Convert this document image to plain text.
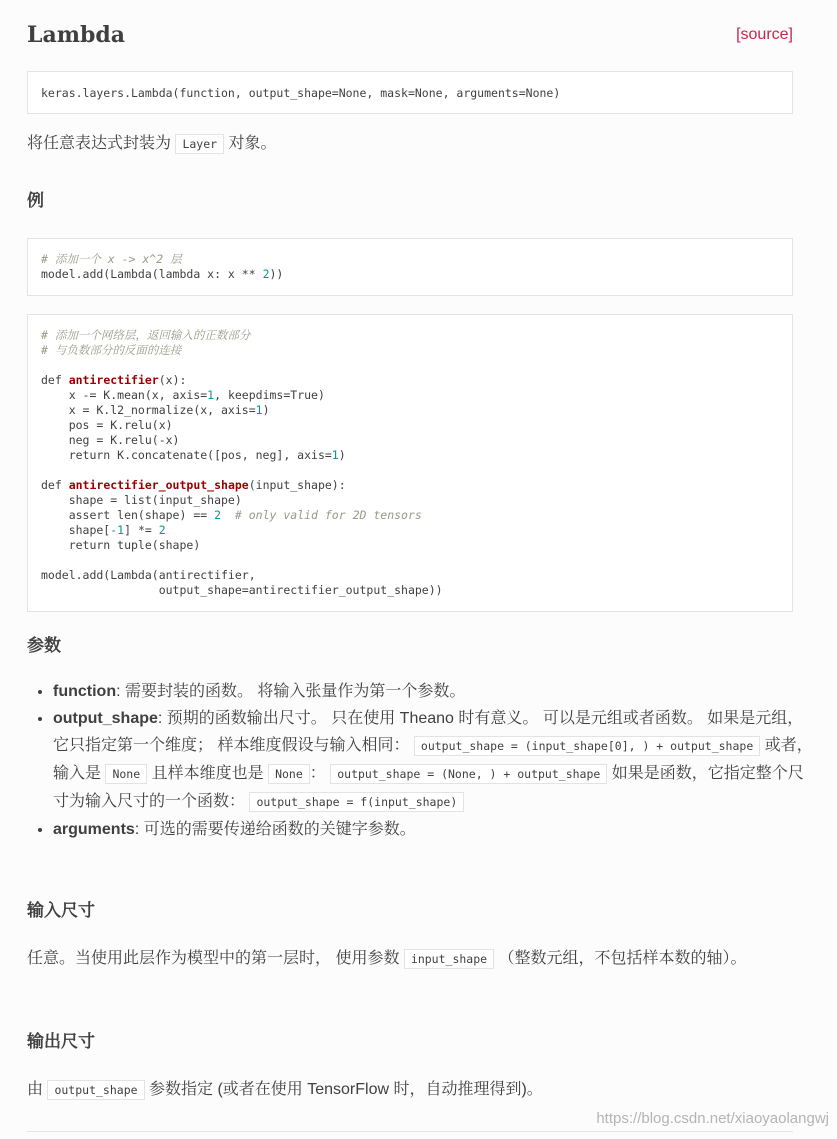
Lambda	[source]
keras.layers.Lambda(function, output_shape=None, mask=None, arguments=None)

将任意表达式封装为 Layer 对象。

例
# 添加一个 x -> x^2 层
model.add(Lambda(lambda x: x ** 2))
# 添加一个网络层，返回输入的正数部分
# 与负数部分的反面的连接

def antirectifier(x):
x -= K.mean(x, axis=1, keepdims=True)
x = K.l2_normalize(x, axis=1)
pos = K.relu(x)
neg = K.relu(-x)
return K.concatenate([pos, neg], axis=1)

def antirectifier_output_shape(input_shape):
shape = list(input_shape)
assert len(shape) == 2  # only valid for 2D tensors
shape[-1] *= 2
return tuple(shape)

model.add(Lambda(antirectifier,
output_shape=antirectifier_output_shape))
参数
• function: 需要封装的函数。 将输入张量作为第一个参数。
• output_shape: 预期的函数输出尺寸。 只在使用 Theano 时有意义。 可以是元组或者函数。 如果是元组，它只指定第一个维度； 样本维度假设与输入相同： output_shape = (input_shape[0], ) + output_shape 或者，输入是 None 且样本维度也是 None ： output_shape = (None, ) + output_shape 如果是函数，它指定整个尺寸为输入尺寸的一个函数： output_shape = f(input_shape)
• arguments: 可选的需要传递给函数的关键字参数。
输入尺寸

任意。当使用此层作为模型中的第一层时， 使用参数 input_shape （整数元组，不包括样本数的轴）。

输出尺寸

由 output_shape 参数指定 (或者在使用 TensorFlow 时，自动推理得到)。

https://blog.csdn.net/xiaoyaolangwj
